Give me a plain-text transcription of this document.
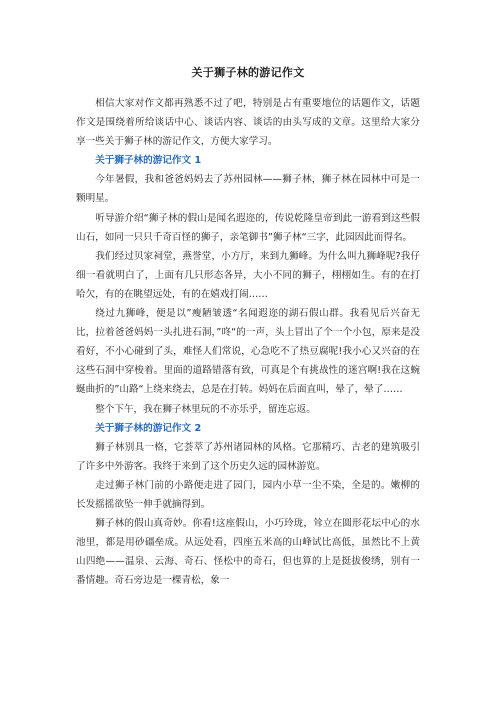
关于狮子林的游记作文

相信大家对作文都再熟悉不过了吧，特别是占有重要地位的话题作文，话题作文是围绕着所给谈话中心、谈话内容、谈话的由头写成的文章。这里给大家分享一些关于狮子林的游记作文，方便大家学习。

关于狮子林的游记作文 1

今年暑假，我和爸爸妈妈去了苏州园林——狮子林，狮子林在园林中可是一颗明星。

听导游介绍“狮子林的假山是闻名遐迩的，传说乾隆皇帝到此一游看到这些假山石，如同一只只千奇百怪的狮子，亲笔御书”狮子林“三字，此园因此而得名。

我们经过贝家祠堂，燕誉堂，小方厅，来到九狮峰。为什么叫九狮峰呢?我仔细一看就明白了，上面有几只形态各异，大小不同的狮子，栩栩如生。有的在打哈欠，有的在眺望远处，有的在嬉戏打闹……

绕过九狮峰，便是以”瘦陋皱透“名闻遐迩的湖石假山群。我看见后兴奋无比，拉着爸爸妈妈一头扎进石洞，”咚“的一声，头上冒出了个一个小包，原来是没看好，不小心碰到了头，难怪人们常说，心急吃不了热豆腐呢!我小心又兴奋的在这些石洞中穿梭着。里面的道路错落有致，可真是个有挑战性的迷宫啊!我在这蜿蜒曲折的”山路“上绕来绕去，总是在打转。妈妈在后面直叫，晕了，晕了……

整个下午，我在狮子林里玩的不亦乐乎，留连忘返。

关于狮子林的游记作文 2

狮子林别具一格，它荟萃了苏州诸园林的风格。它那精巧、古老的建筑吸引了许多中外游客。我终于来到了这个历史久远的园林游览。

走过狮子林门前的小路便走进了园门，园内小草一尘不染，全是的。嫩柳的长发摇摇欲坠一伸手就摘得到。

狮子林的假山真奇妙。你看!这座假山，小巧玲珑，耸立在圆形花坛中心的水池里，都是用砂礓垒成。从远处看，四座五米高的山峰试比高低，虽然比不上黄山四绝——温泉、云海、奇石、怪松中的奇石，但也算的上是挺拔俊绣，别有一番情趣。奇石旁边是一棵青松，象一
